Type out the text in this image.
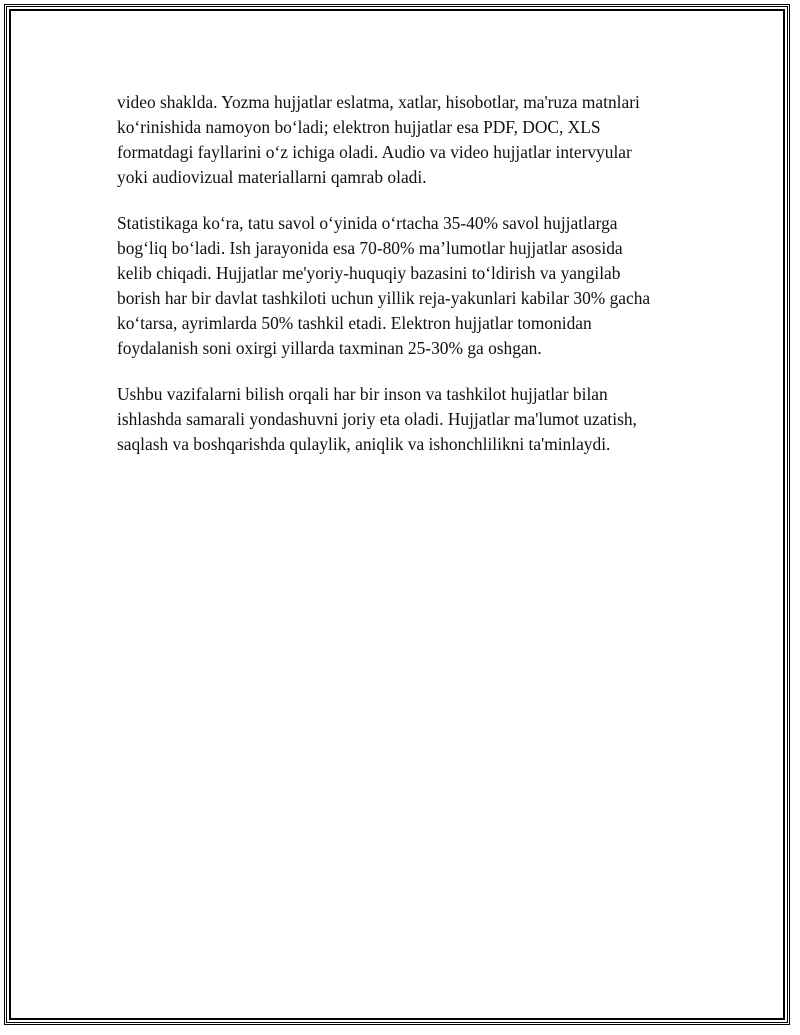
video shaklda. Yozma hujjatlar eslatma, xatlar, hisobotlar, ma'ruza matnlari
ko‘rinishida namoyon bo‘ladi; elektron hujjatlar esa PDF, DOC, XLS
formatdagi fayllarini o‘z ichiga oladi. Audio va video hujjatlar intervyular
yoki audiovizual materiallarni qamrab oladi.

Statistikaga ko‘ra, tatu savol o‘yinida o‘rtacha 35-40% savol hujjatlarga
bog‘liq bo‘ladi. Ish jarayonida esa 70-80% ma’lumotlar hujjatlar asosida
kelib chiqadi. Hujjatlar me'yoriy-huquqiy bazasini to‘ldirish va yangilab
borish har bir davlat tashkiloti uchun yillik reja-yakunlari kabilar 30% gacha
ko‘tarsa, ayrimlarda 50% tashkil etadi. Elektron hujjatlar tomonidan
foydalanish soni oxirgi yillarda taxminan 25-30% ga oshgan.

Ushbu vazifalarni bilish orqali har bir inson va tashkilot hujjatlar bilan
ishlashda samarali yondashuvni joriy eta oladi. Hujjatlar ma'lumot uzatish,
saqlash va boshqarishda qulaylik, aniqlik va ishonchlilikni ta'minlaydi.
